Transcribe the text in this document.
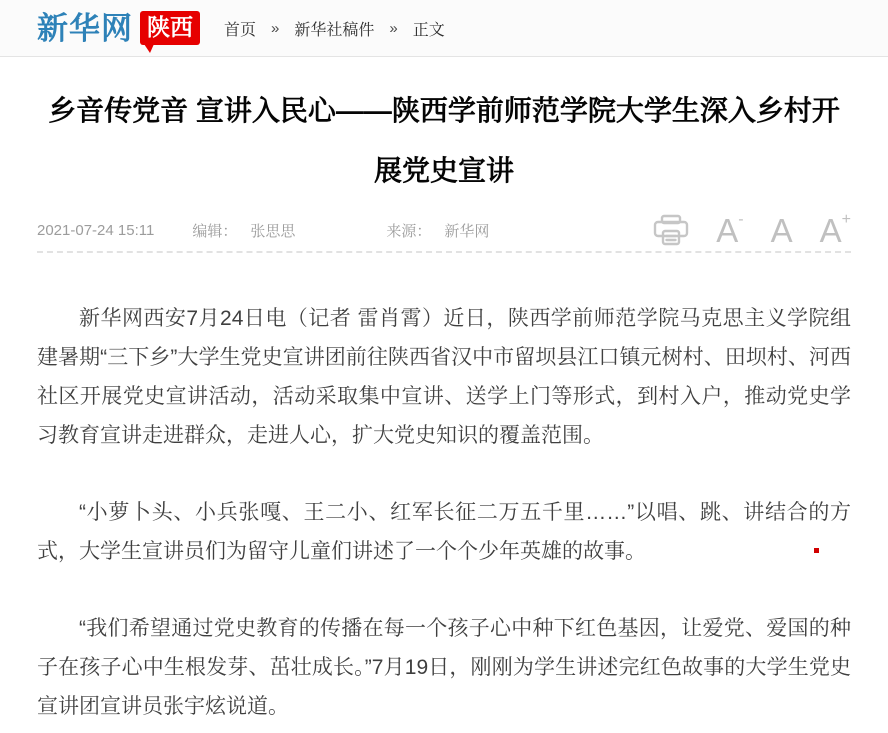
新华网 陕西	首页 » 新华社稿件 » 正文
乡音传党音 宣讲入民心——陕西学前师范学院大学生深入乡村开展党史宣讲
2021-07-24 15:11	编辑： 张思思	来源： 新华网	A - A A +

新华网西安7月24日电（记者 雷肖霄）近日，陕西学前师范学院马克思主义学院组建暑期“三下乡”大学生党史宣讲团前往陕西省汉中市留坝县江口镇元树村、田坝村、河西社区开展党史宣讲活动，活动采取集中宣讲、送学上门等形式，到村入户，推动党史学习教育宣讲走进群众，走进人心，扩大党史知识的覆盖范围。

“小萝卜头、小兵张嘎、王二小、红军长征二万五千里……”以唱、跳、讲结合的方式，大学生宣讲员们为留守儿童们讲述了一个个少年英雄的故事。

“我们希望通过党史教育的传播在每一个孩子心中种下红色基因，让爱党、爱国的种子在孩子心中生根发芽、茁壮成长。”7月19日，刚刚为学生讲述完红色故事的大学生党史宣讲团宣讲员张宇炫说道。
